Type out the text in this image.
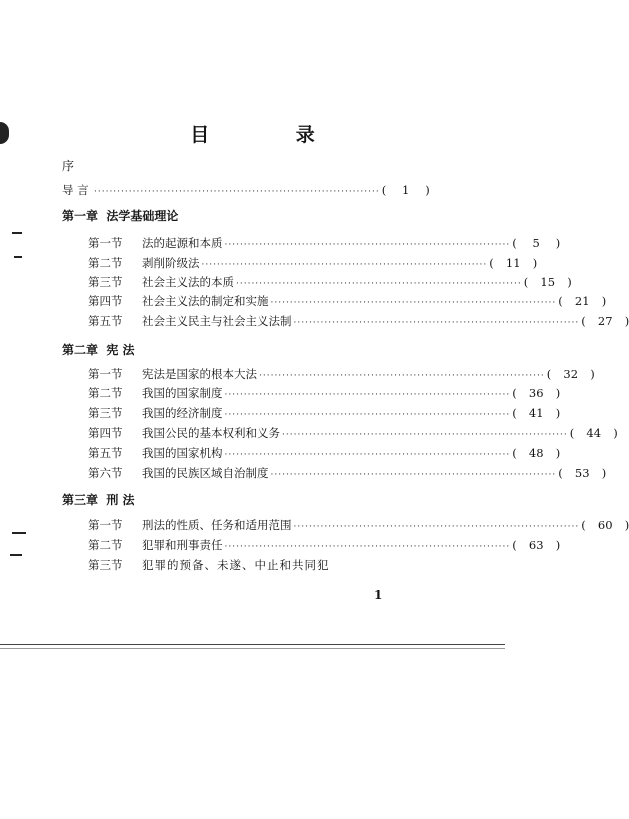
目 录
序
导 言 ·········································································· (	1	)
第一章 法学基础理论
第一节	法的起源和本质 ·········································································· (	5	)
第二节	剥削阶级法 ·········································································· (	11	)
第三节	社会主义法的本质 ·········································································· (	15	)
第四节	社会主义法的制定和实施 ·········································································· (	21	)
第五节	社会主义民主与社会主义法制 ·········································································· (	27	)
第二章 宪 法
第一节	宪法是国家的根本大法 ·········································································· (	32	)
第二节	我国的国家制度 ·········································································· (	36	)
第三节	我国的经济制度 ·········································································· (	41	)
第四节	我国公民的基本权利和义务 ·········································································· (	44	)
第五节	我国的国家机构 ·········································································· (	48	)
第六节	我国的民族区域自治制度 ·········································································· (	53	)
第三章 刑 法
第一节	刑法的性质、任务和适用范围 ·········································································· (	60	)
第二节	犯罪和刑事责任 ·········································································· (	63	)
第三节	犯罪的预备、未遂、中止和共同犯
1
